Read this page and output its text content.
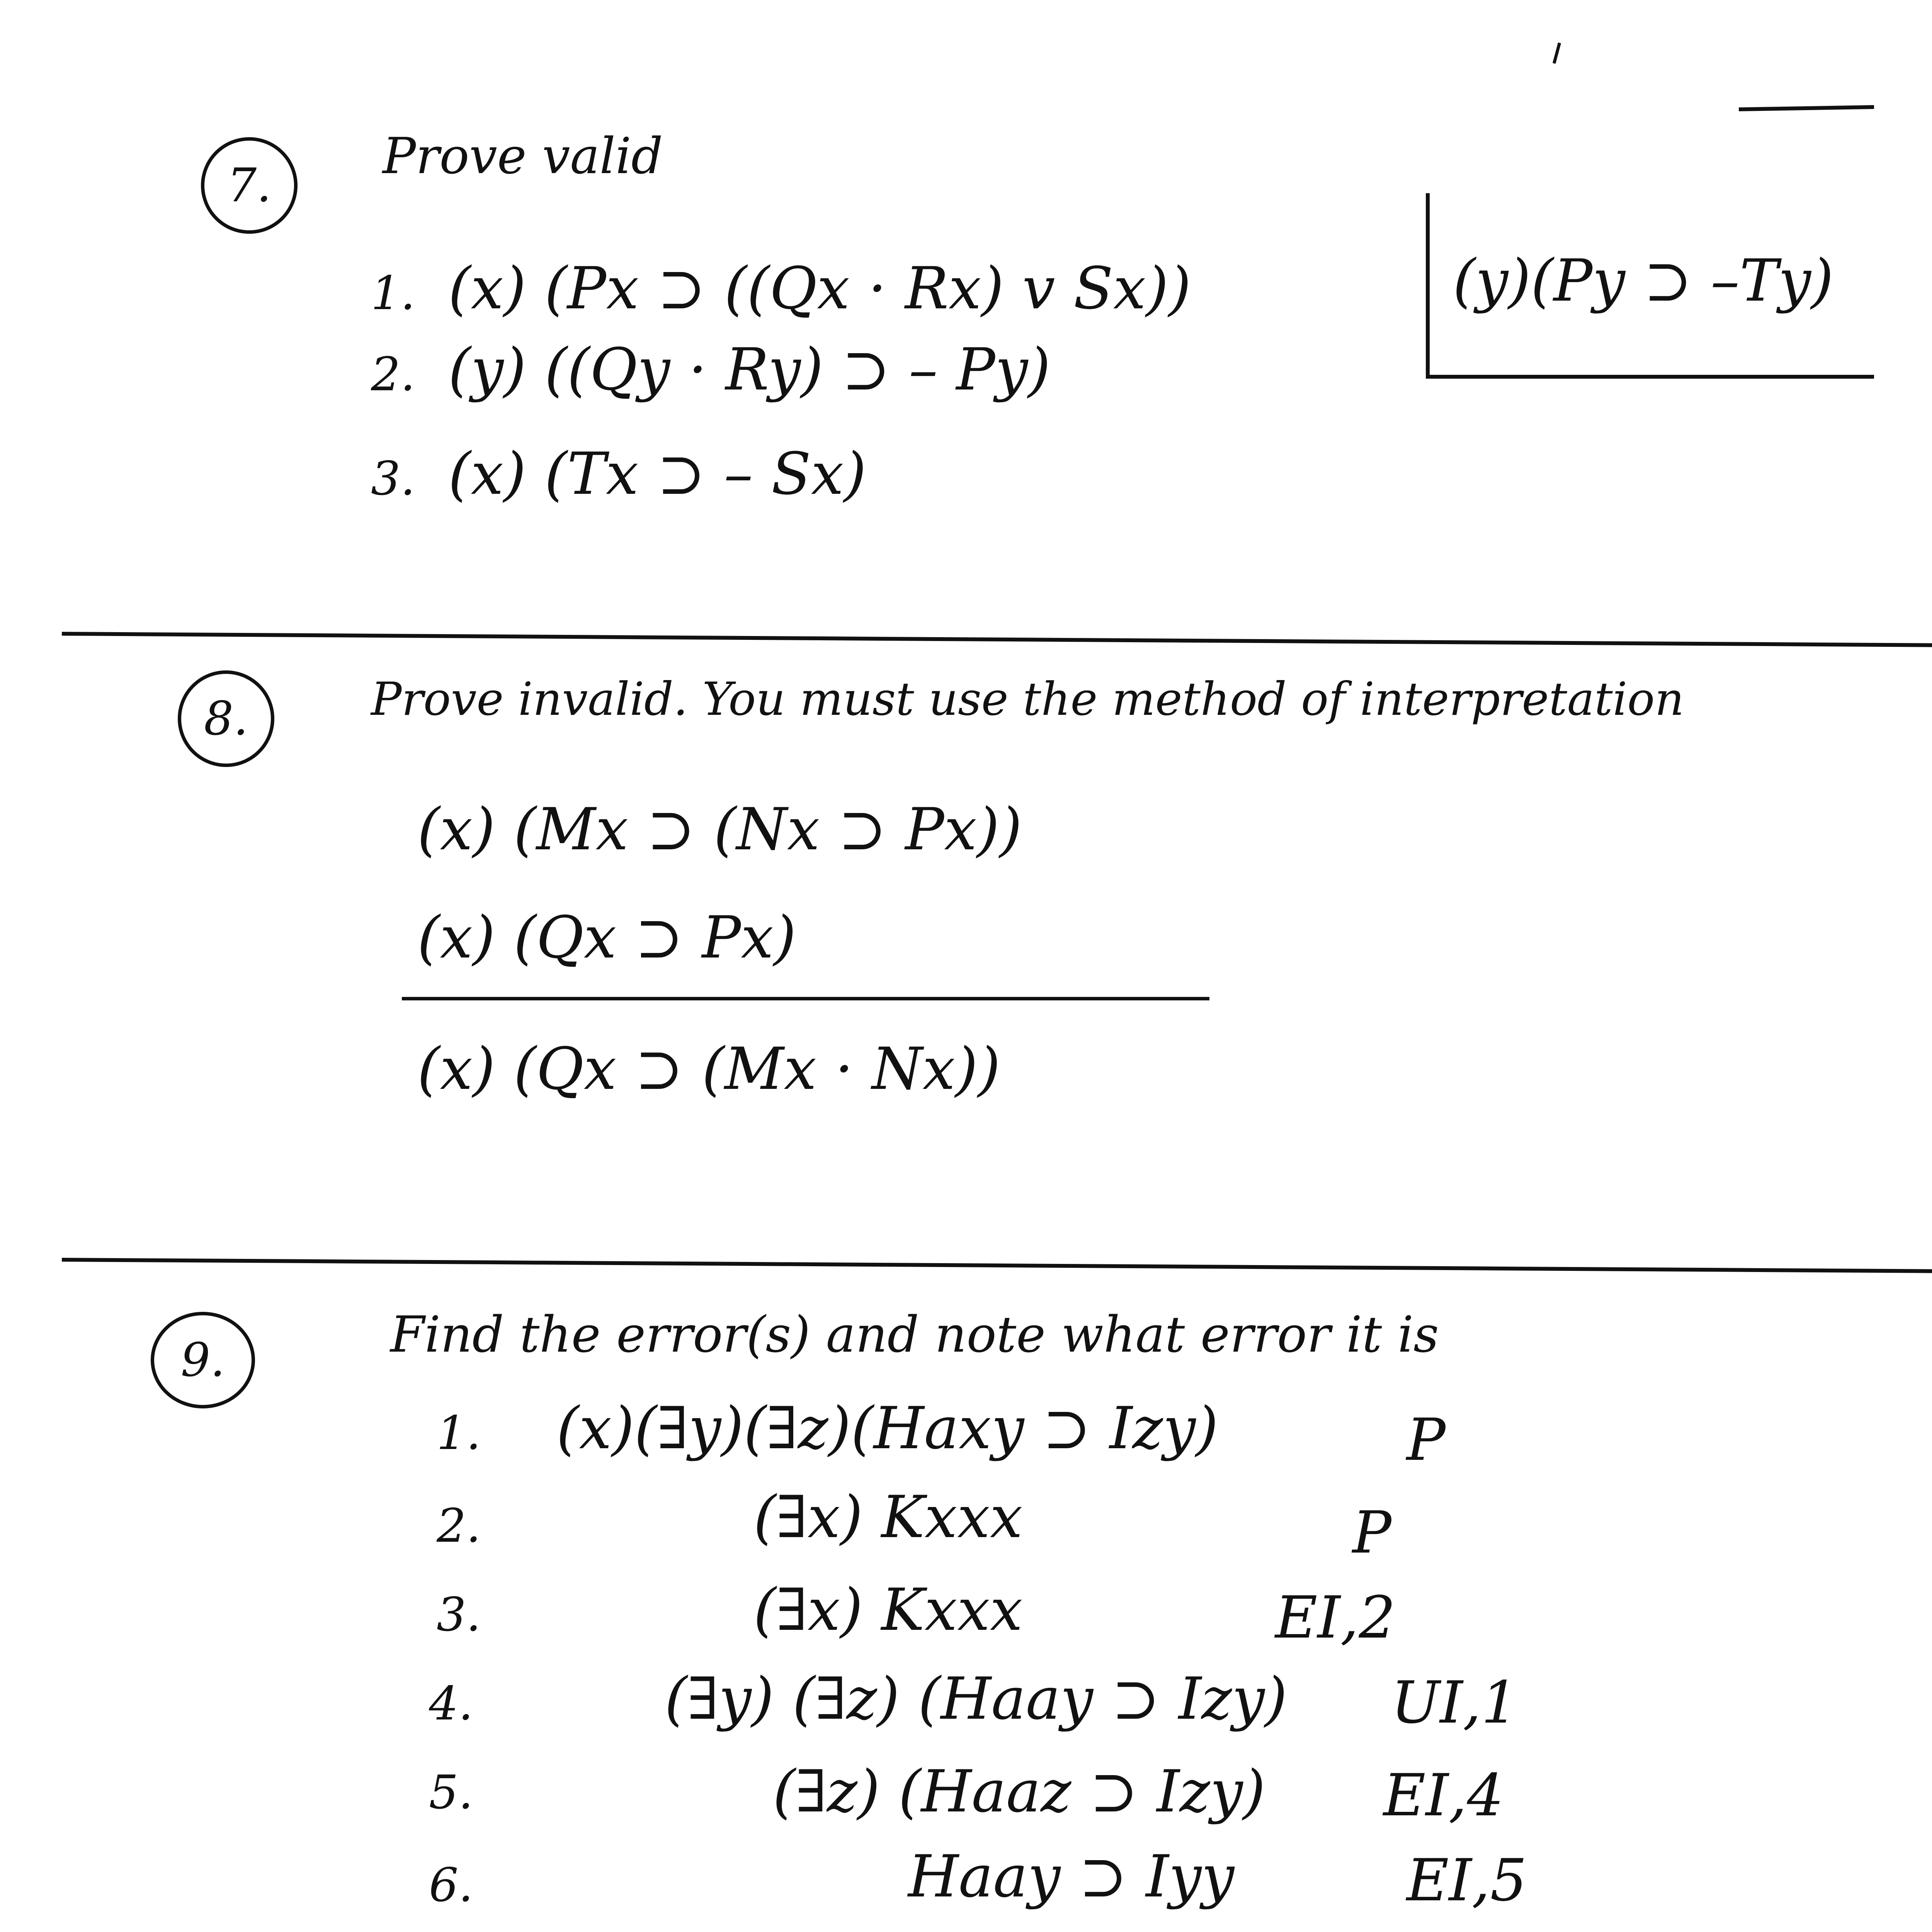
7.
Prove valid
1. (x) (Px ⊃ ((Qx · Rx) v Sx))
2. (y) ((Qy · Ry) ⊃ – Py)
3. (x) (Tx ⊃ – Sx)
(y)(Py ⊃ –Ty)
8.	Prove invalid. You must use the method of interpretation
(x) (Mx ⊃ (Nx ⊃ Px))
(x) (Qx ⊃ Px)
(x) (Qx ⊃ (Mx · Nx))
9.	Find the error(s) and note what error it is
1. (x)(∃y)(∃z)(Haxy ⊃ Izy)	P
2.	(∃x) Kxxx	P
3.	(∃x) Kxxx	EI,2
4.	(∃y) (∃z) (Haay ⊃ Izy) UI,1
5.	(∃z) (Haaz ⊃ Izy) EI,4
6.	Haay ⊃ Iyy	EI,5
